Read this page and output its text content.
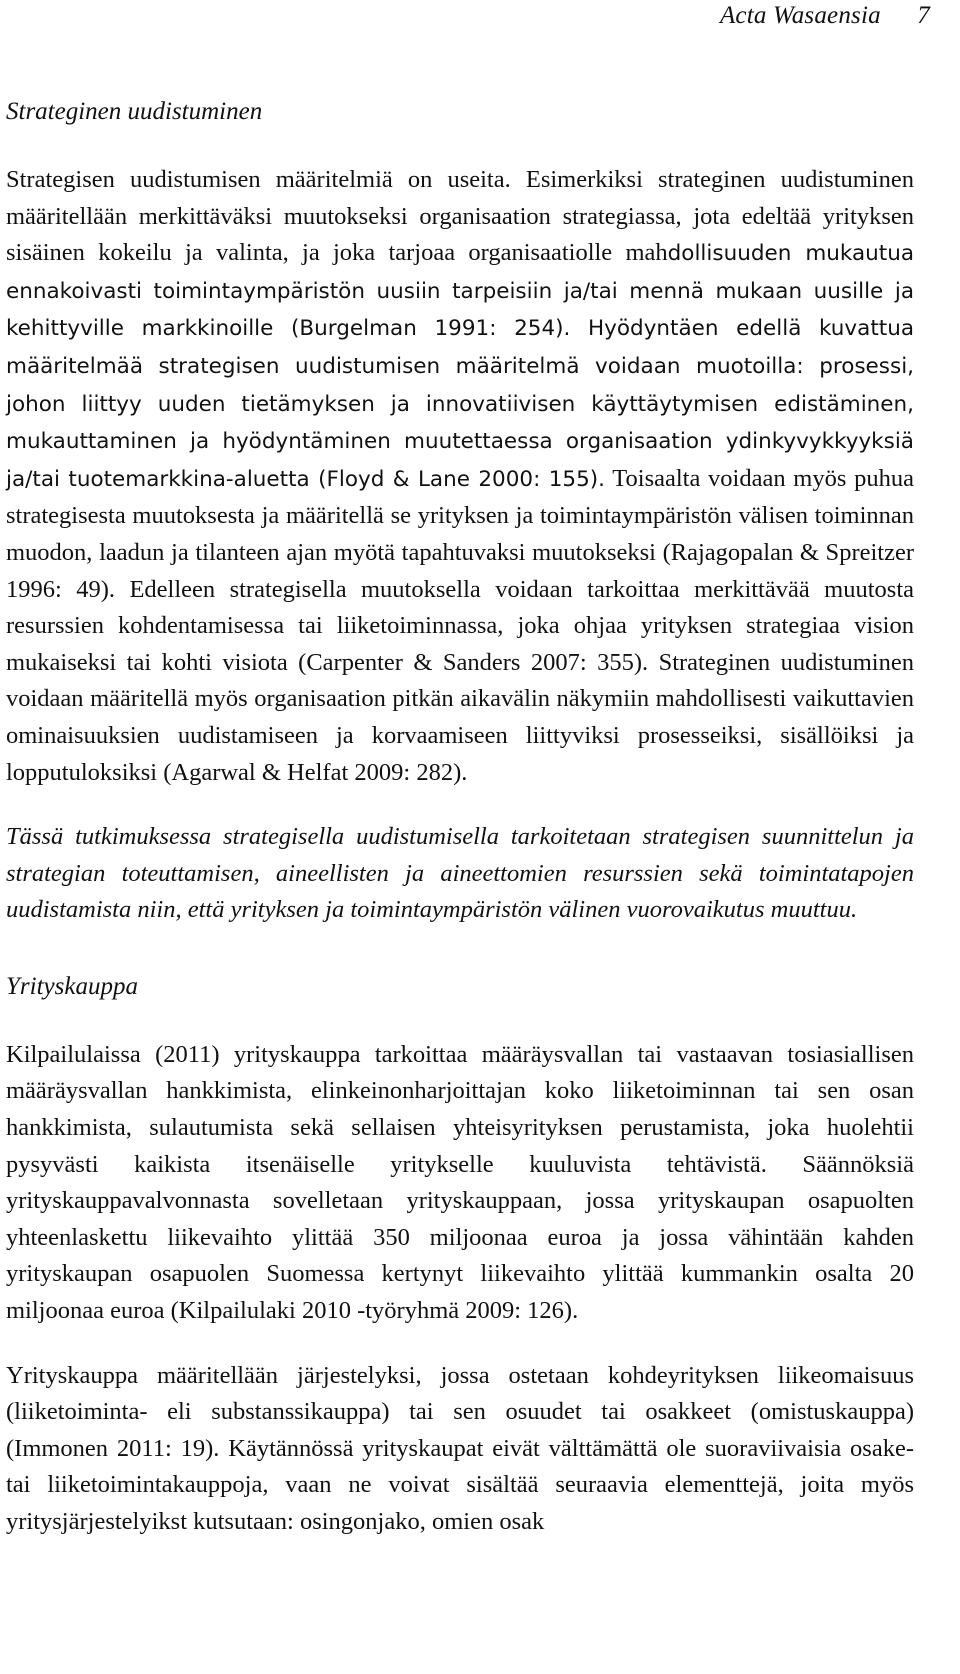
Acta Wasaensia 7
Strateginen uudistuminen

Strategisen uudistumisen määritelmiä on useita. Esimerkiksi strateginen uudistuminen määritellään merkittäväksi muutokseksi organisaation strategiassa, jota edeltää yrityksen sisäinen kokeilu ja valinta, ja joka tarjoaa organisaatiolle mahdollisuuden mukautua ennakoivasti toimintaympäristön uusiin tarpeisiin ja/tai mennä mukaan uusille ja kehittyville markkinoille (Burgelman 1991: 254). Hyödyntäen edellä kuvattua määritelmää strategisen uudistumisen määritelmä voidaan muotoilla: prosessi, johon liittyy uuden tietämyksen ja innovatiivisen käyttäytymisen edistäminen, mukauttaminen ja hyödyntäminen muutettaessa organisaation ydinkyvykkyyksiä ja/tai tuotemarkkina-aluetta (Floyd & Lane 2000: 155). Toisaalta voidaan myös puhua strategisesta muutoksesta ja määritellä se yrityksen ja toimintaympäristön välisen toiminnan muodon, laadun ja tilanteen ajan myötä tapahtuvaksi muutokseksi (Rajagopalan & Spreitzer 1996: 49). Edelleen strategisella muutoksella voidaan tarkoittaa merkittävää muutosta resurssien kohdentamisessa tai liiketoiminnassa, joka ohjaa yrityksen strategiaa vision mukaiseksi tai kohti visiota (Carpenter & Sanders 2007: 355). Strateginen uudistuminen voidaan määritellä myös organisaation pitkän aikavälin näkymiin mahdollisesti vaikuttavien ominaisuuksien uudistamiseen ja korvaamiseen liittyviksi prosesseiksi, sisällöiksi ja lopputuloksiksi (Agarwal & Helfat 2009: 282).

Tässä tutkimuksessa strategisella uudistumisella tarkoitetaan strategisen suunnittelun ja strategian toteuttamisen, aineellisten ja aineettomien resurssien sekä toimintatapojen uudistamista niin, että yrityksen ja toimintaympäristön välinen vuorovaikutus muuttuu.

Yrityskauppa

Kilpailulaissa (2011) yrityskauppa tarkoittaa määräysvallan tai vastaavan tosiasiallisen määräysvallan hankkimista, elinkeinonharjoittajan koko liiketoiminnan tai sen osan hankkimista, sulautumista sekä sellaisen yhteisyrityksen perustamista, joka huolehtii pysyvästi kaikista itsenäiselle yritykselle kuuluvista tehtävistä. Säännöksiä yrityskauppavalvonnasta sovelletaan yrityskauppaan, jossa yrityskaupan osapuolten yhteenlaskettu liikevaihto ylittää 350 miljoonaa euroa ja jossa vähintään kahden yrityskaupan osapuolen Suomessa kertynyt liikevaihto ylittää kummankin osalta 20 miljoonaa euroa (Kilpailulaki 2010 -työryhmä 2009: 126).

Yrityskauppa määritellään järjestelyksi, jossa ostetaan kohdeyrityksen liikeomaisuus (liiketoiminta- eli substanssikauppa) tai sen osuudet tai osakkeet (omistuskauppa) (Immonen 2011: 19). Käytännössä yrityskaupat eivät välttämättä ole suoraviivaisia osake- tai liiketoimintakauppoja, vaan ne voivat sisältää seuraavia elementtejä, joita myös yritysjärjestelyikst kutsutaan: osingonjako, omien osak
